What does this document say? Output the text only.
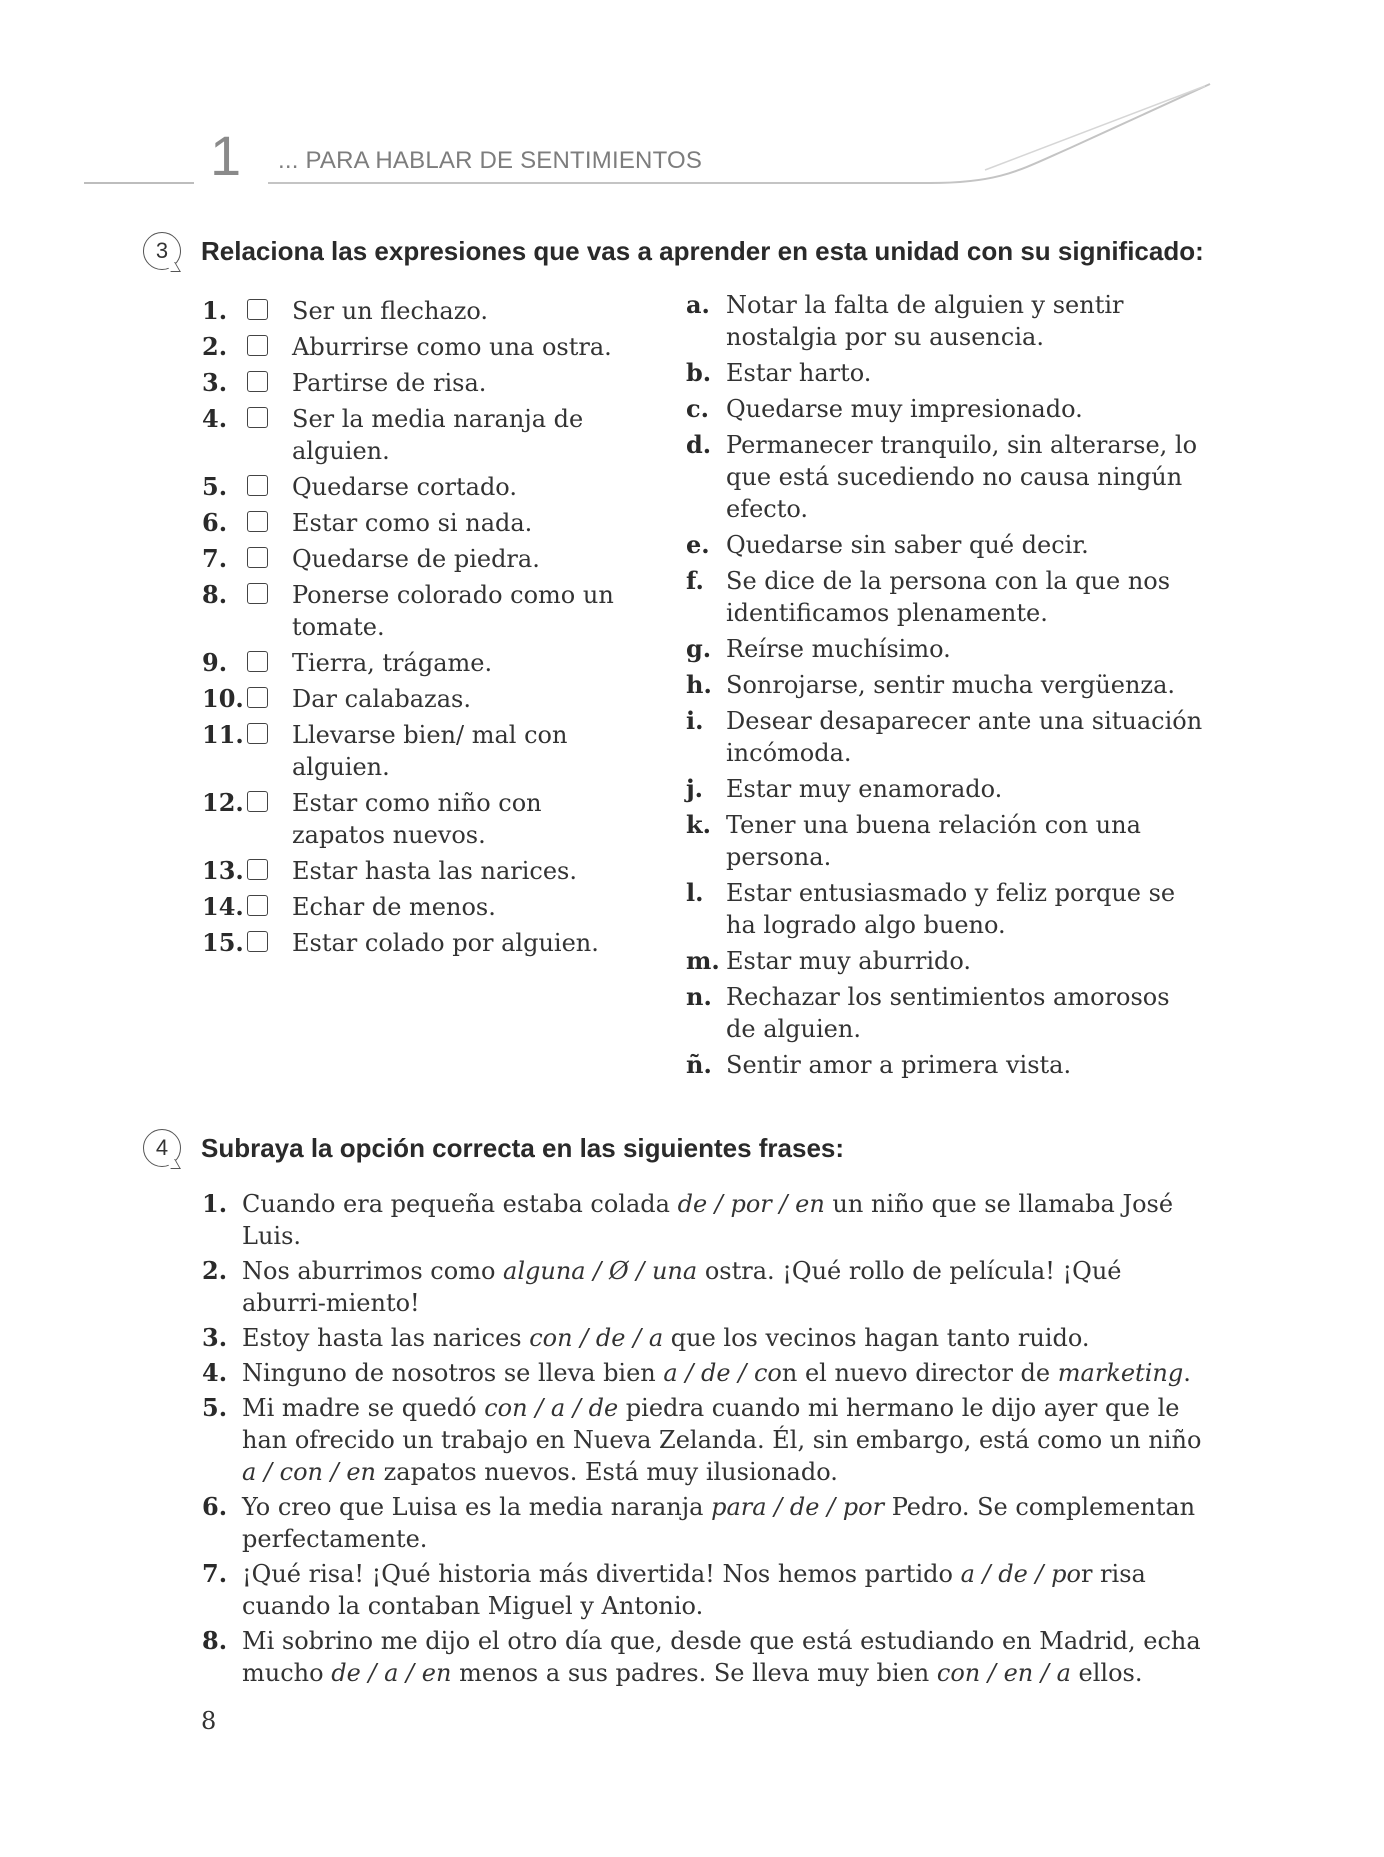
1 ... PARA HABLAR DE SENTIMIENTOS
3	Relaciona las expresiones que vas a aprender en esta unidad con su significado:
1.	Ser un flechazo.
2.	Aburrirse como una ostra.
3.	Partirse de risa.
4.	Ser la media naranja de alguien.
5.	Quedarse cortado.
6.	Estar como si nada.
7.	Quedarse de piedra.
8.	Ponerse colorado como un tomate.
9.	Tierra, trágame.
10. Dar calabazas.
11. Llevarse bien/ mal con alguien.
12. Estar como niño con zapatos nuevos.
13. Estar hasta las narices.
14. Echar de menos.
15. Estar colado por alguien.
a. Notar la falta de alguien y sentir nostalgia por su ausencia.
b. Estar harto.
c. Quedarse muy impresionado.
d. Permanecer tranquilo, sin alterarse, lo que está sucediendo no causa ningún efecto.
e. Quedarse sin saber qué decir.
f. Se dice de la persona con la que nos identificamos plenamente.
g. Reírse muchísimo.
h. Sonrojarse, sentir mucha vergüenza.
i. Desear desaparecer ante una situación incómoda.
j. Estar muy enamorado.
k. Tener una buena relación con una persona.
l. Estar entusiasmado y feliz porque se ha logrado algo bueno.
m. Estar muy aburrido.
n. Rechazar los sentimientos amorosos de alguien.
ñ. Sentir amor a primera vista.
4	Subraya la opción correcta en las siguientes frases:
1. Cuando era pequeña estaba colada de / por / en un niño que se llamaba José Luis.
2. Nos aburrimos como alguna / Ø / una ostra. ¡Qué rollo de película! ¡Qué aburri-miento!
3. Estoy hasta las narices con / de / a que los vecinos hagan tanto ruido.
4. Ninguno de nosotros se lleva bien a / de / con el nuevo director de marketing.
5. Mi madre se quedó con / a / de piedra cuando mi hermano le dijo ayer que le han ofrecido un trabajo en Nueva Zelanda. Él, sin embargo, está como un niño a / con / en zapatos nuevos. Está muy ilusionado.
6. Yo creo que Luisa es la media naranja para / de / por Pedro. Se complementan perfectamente.
7. ¡Qué risa! ¡Qué historia más divertida! Nos hemos partido a / de / por risa cuando la contaban Miguel y Antonio.
8. Mi sobrino me dijo el otro día que, desde que está estudiando en Madrid, echa mucho de / a / en menos a sus padres. Se lleva muy bien con / en / a ellos.
8
